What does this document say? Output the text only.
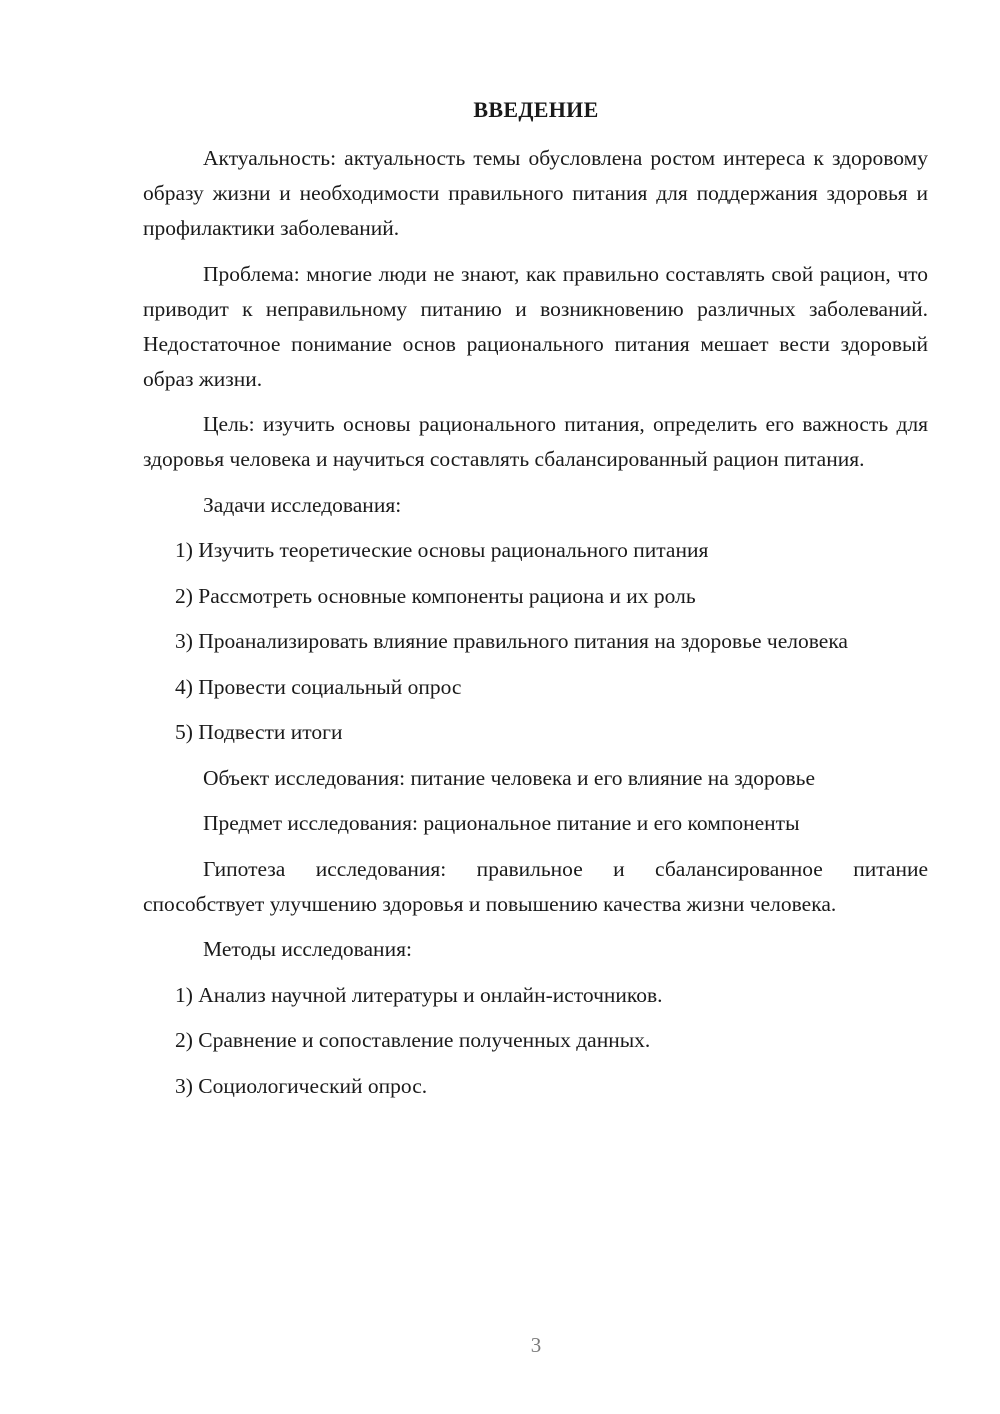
ВВЕДЕНИЕ

Актуальность: актуальность темы обусловлена ростом интереса к здоровому образу жизни и необходимости правильного питания для поддержания здоровья и профилактики заболеваний.

Проблема: многие люди не знают, как правильно составлять свой рацион, что приводит к неправильному питанию и возникновению различных заболеваний. Недостаточное понимание основ рационального питания мешает вести здоровый образ жизни.

Цель: изучить основы рационального питания, определить его важность для здоровья человека и научиться составлять сбалансированный рацион питания.

Задачи исследования:

1) Изучить теоретические основы рационального питания

2) Рассмотреть основные компоненты рациона и их роль

3) Проанализировать влияние правильного питания на здоровье человека

4) Провести социальный опрос

5) Подвести итоги

Объект исследования: питание человека и его влияние на здоровье

Предмет исследования: рациональное питание и его компоненты

Гипотеза исследования: правильное и сбалансированное питание способствует улучшению здоровья и повышению качества жизни человека.

Методы исследования:

1) Анализ научной литературы и онлайн-источников.

2) Сравнение и сопоставление полученных данных.

3) Социологический опрос.

3
